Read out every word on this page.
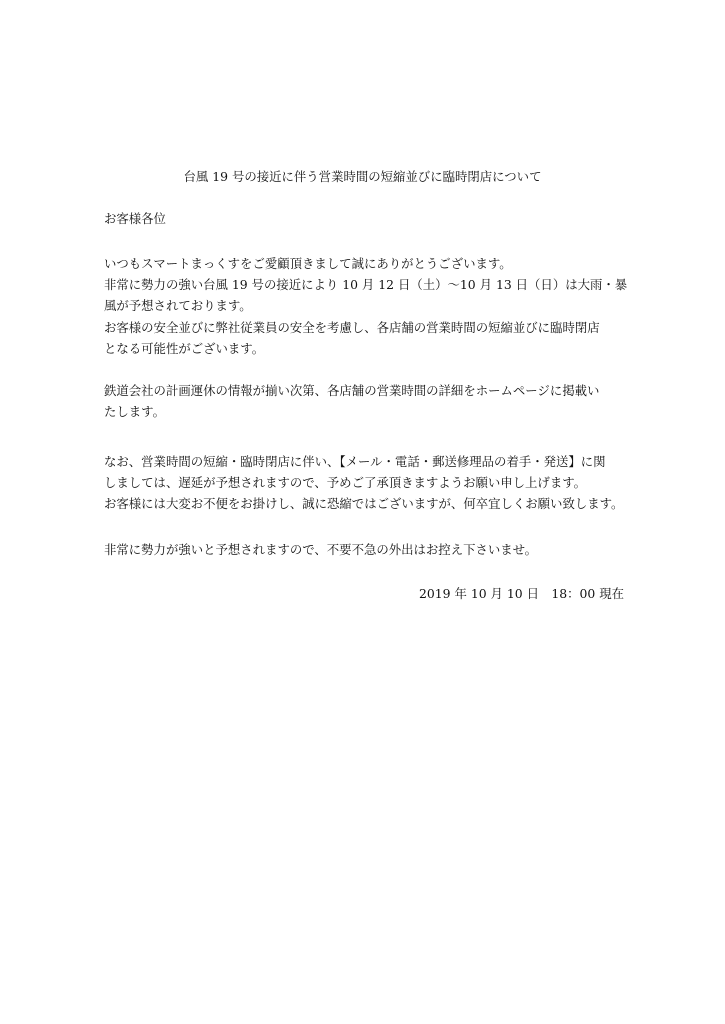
台風 19 号の接近に伴う営業時間の短縮並びに臨時閉店について
お客様各位
いつもスマートまっくすをご愛顧頂きまして誠にありがとうございます。
非常に勢力の強い台風 19 号の接近により 10 月 12 日（土）～10 月 13 日（日）は大雨・暴
風が予想されております。
お客様の安全並びに弊社従業員の安全を考慮し、各店舗の営業時間の短縮並びに臨時閉店
となる可能性がございます。
鉄道会社の計画運休の情報が揃い次第、各店舗の営業時間の詳細をホームページに掲載い
たします。
なお、営業時間の短縮・臨時閉店に伴い、【メール・電話・郵送修理品の着手・発送】に関
しましては、遅延が予想されますので、予めご了承頂きますようお願い申し上げます。
お客様には大変お不便をお掛けし、誠に恐縮ではございますが、何卒宜しくお願い致します。
非常に勢力が強いと予想されますので、不要不急の外出はお控え下さいませ。
2019 年 10 月 10 日　18：00 現在
